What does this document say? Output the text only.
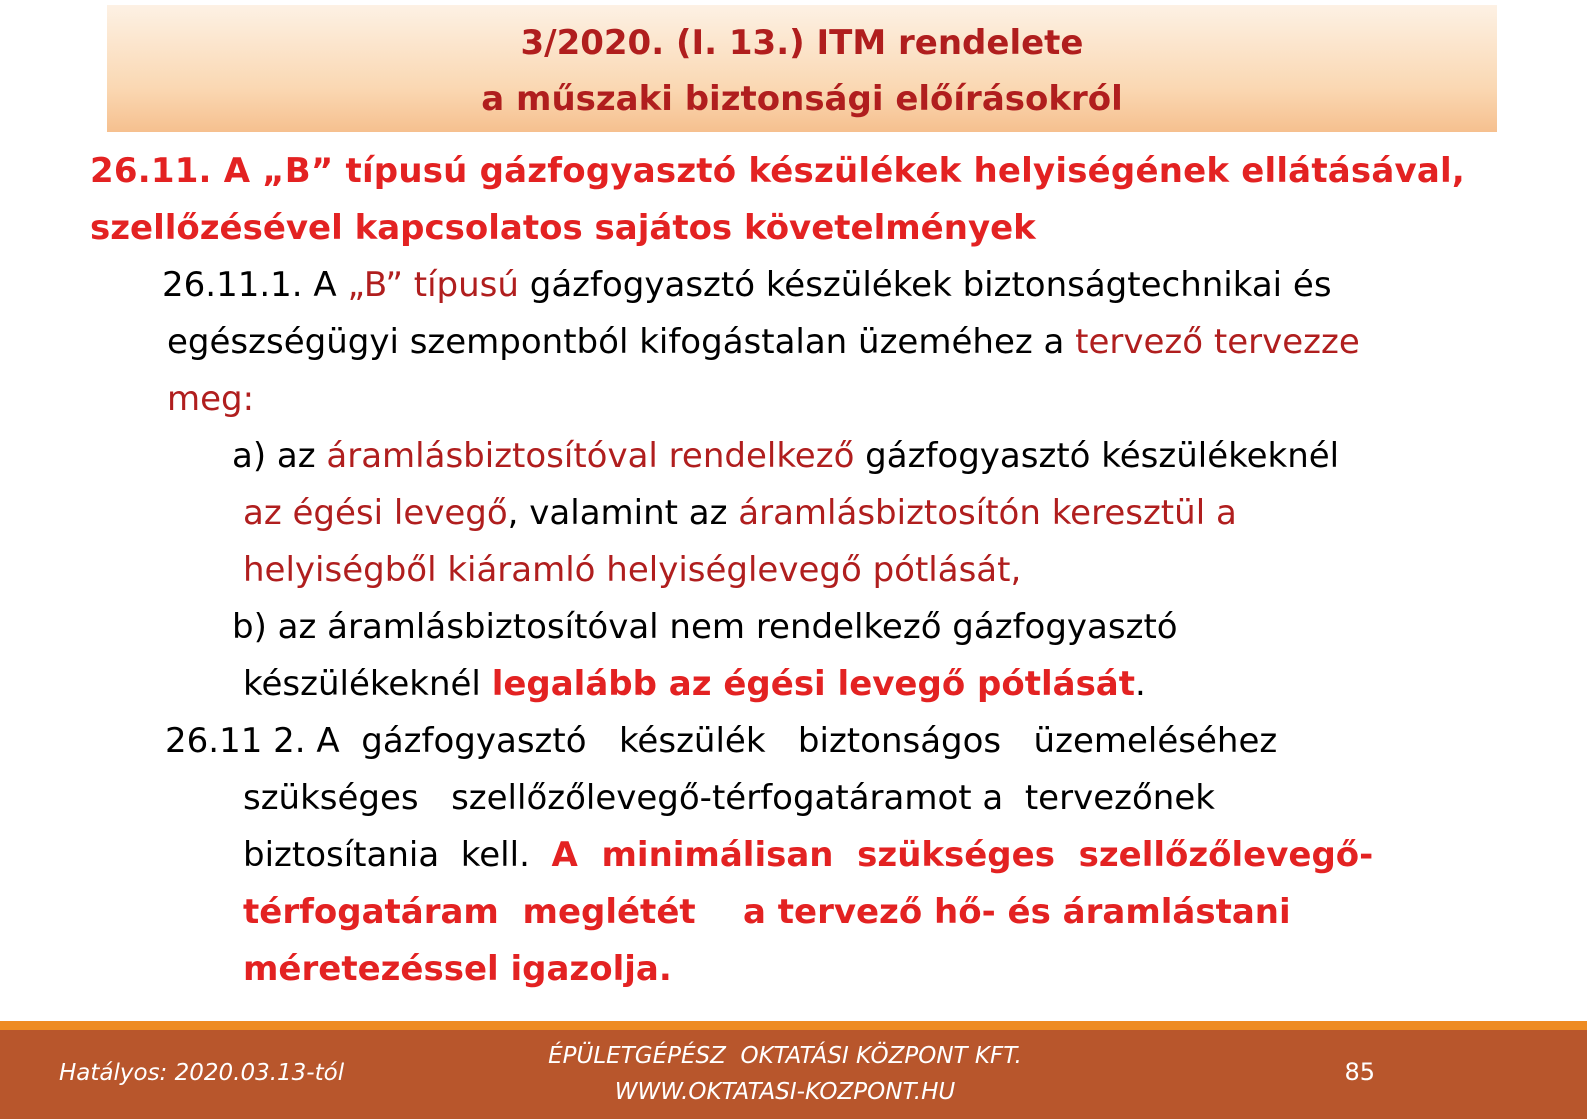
3/2020. (I. 13.) ITM rendelete
a műszaki biztonsági előírásokról
26.11. A „B” típusú gázfogyasztó készülékek helyiségének ellátásával,
szellőzésével kapcsolatos sajátos követelmények
26.11.1. A „B” típusú gázfogyasztó készülékek biztonságtechnikai és
egészségügyi szempontból kifogástalan üzeméhez a tervező tervezze
meg:
a) az áramlásbiztosítóval rendelkező gázfogyasztó készülékeknél
az égési levegő, valamint az áramlásbiztosítón keresztül a
helyiségből kiáramló helyiséglevegő pótlását,
b) az áramlásbiztosítóval nem rendelkező gázfogyasztó
készülékeknél legalább az égési levegő pótlását.
26.11 2. A  gázfogyasztó   készülék   biztonságos   üzemeléséhez
szükséges   szellőzőlevegő-térfogatáramot a  tervezőnek
biztosítania  kell.  A  minimálisan  szükséges  szellőzőlevegő-
térfogatáram  meglétét    a tervező hő- és áramlástani
méretezéssel igazolja.
Hatályos: 2020.03.13-tól
ÉPÜLETGÉPÉSZ  OKTATÁSI KÖZPONT KFT.
WWW.OKTATASI-KOZPONT.HU
85
